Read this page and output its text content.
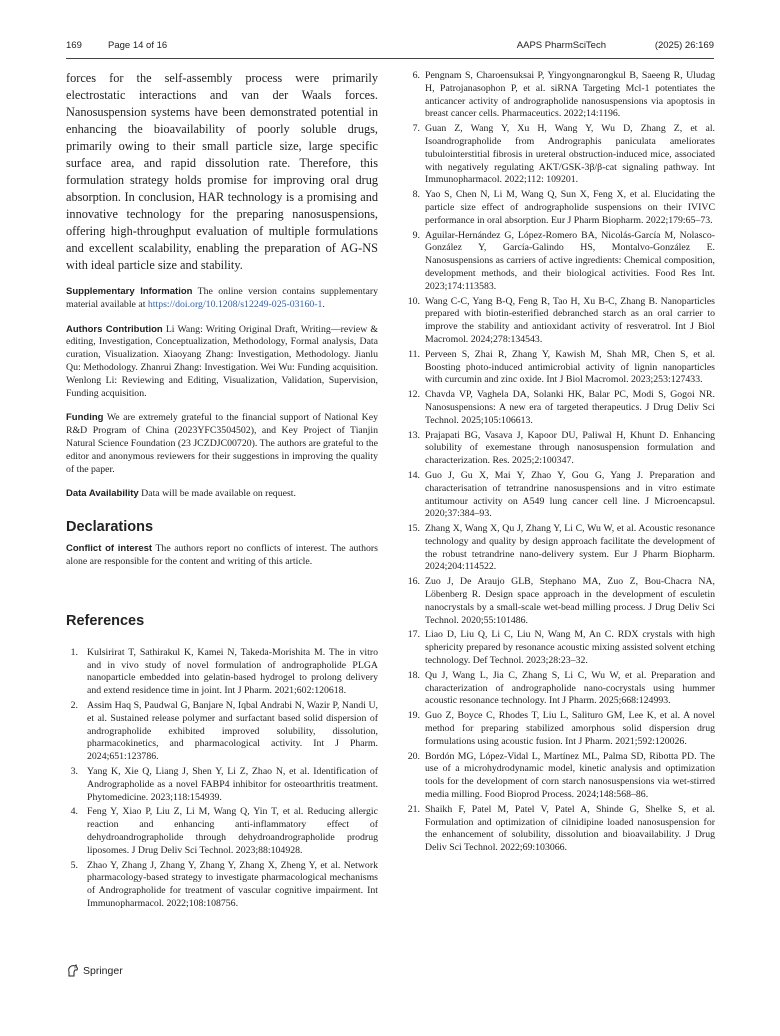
169	Page 14 of 16	AAPS PharmSciTech	(2025) 26:169

forces for the self-assembly process were primarily electrostatic interactions and van der Waals forces. Nanosuspension systems have been demonstrated potential in enhancing the bioavailability of poorly soluble drugs, primarily owing to their small particle size, large specific surface area, and rapid dissolution rate. Therefore, this formulation strategy holds promise for improving oral drug absorption. In conclusion, HAR technology is a promising and innovative technology for the preparing nanosuspensions, offering high-throughput evaluation of multiple formulations and excellent scalability, enabling the preparation of AG-NS with ideal particle size and stability.

Supplementary Information The online version contains supplementary material available at https://doi.org/10.1208/s12249-025-03160-1.

Authors Contribution Li Wang: Writing Original Draft, Writing—review & editing, Investigation, Conceptualization, Methodology, Formal analysis, Data curation, Visualization. Xiaoyang Zhang: Investigation, Methodology. Jianlu Qu: Methodology. Zhanrui Zhang: Investigation. Wei Wu: Funding acquisition. Wenlong Li: Reviewing and Editing, Visualization, Validation, Supervision, Funding acquisition.

Funding We are extremely grateful to the financial support of National Key R&D Program of China (2023YFC3504502), and Key Project of Tianjin Natural Science Foundation (23 JCZDJC00720). The authors are grateful to the editor and anonymous reviewers for their suggestions in improving the quality of the paper.

Data Availability Data will be made available on request.

Declarations

Conflict of interest The authors report no conflicts of interest. The authors alone are responsible for the content and writing of this article.

References
1. Kulsirirat T, Sathirakul K, Kamei N, Takeda-Morishita M. The in vitro and in vivo study of novel formulation of andrographolide PLGA nanoparticle embedded into gelatin-based hydrogel to prolong delivery and extend residence time in joint. Int J Pharm. 2021;602:120618.
2. Assim Haq S, Paudwal G, Banjare N, Iqbal Andrabi N, Wazir P, Nandi U, et al. Sustained release polymer and surfactant based solid dispersion of andrographolide exhibited improved solubility, dissolution, pharmacokinetics, and pharmacological activity. Int J Pharm. 2024;651:123786.
3. Yang K, Xie Q, Liang J, Shen Y, Li Z, Zhao N, et al. Identification of Andrographolide as a novel FABP4 inhibitor for osteoarthritis treatment. Phytomedicine. 2023;118:154939.
4. Feng Y, Xiao P, Liu Z, Li M, Wang Q, Yin T, et al. Reducing allergic reaction and enhancing anti-inflammatory effect of dehydroandrographolide through dehydroandrographolide prodrug liposomes. J Drug Deliv Sci Technol. 2023;88:104928.
5. Zhao Y, Zhang J, Zhang Y, Zhang Y, Zhang X, Zheng Y, et al. Network pharmacology-based strategy to investigate pharmacological mechanisms of Andrographolide for treatment of vascular cognitive impairment. Int Immunopharmacol. 2022;108:108756.
6. Pengnam S, Charoensuksai P, Yingyongnarongkul B, Saeeng R, Uludag H, Patrojanasophon P, et al. siRNA Targeting Mcl-1 potentiates the anticancer activity of andrographolide nanosuspensions via apoptosis in breast cancer cells. Pharmaceutics. 2022;14:1196.
7. Guan Z, Wang Y, Xu H, Wang Y, Wu D, Zhang Z, et al. Isoandrographolide from Andrographis paniculata ameliorates tubulointerstitial fibrosis in ureteral obstruction-induced mice, associated with negatively regulating AKT/GSK-3β/β-cat signaling pathway. Int Immunopharmacol. 2022;112: 109201.
8. Yao S, Chen N, Li M, Wang Q, Sun X, Feng X, et al. Elucidating the particle size effect of andrographolide suspensions on their IVIVC performance in oral absorption. Eur J Pharm Biopharm. 2022;179:65–73.
9. Aguilar-Hernández G, López-Romero BA, Nicolás-García M, Nolasco-González Y, García-Galindo HS, Montalvo-González E. Nanosuspensions as carriers of active ingredients: Chemical composition, development methods, and their biological activities. Food Res Int. 2023;174:113583.
10. Wang C-C, Yang B-Q, Feng R, Tao H, Xu B-C, Zhang B. Nanoparticles prepared with biotin-esterified debranched starch as an oral carrier to improve the stability and antioxidant activity of resveratrol. Int J Biol Macromol. 2024;278:134543.
11. Perveen S, Zhai R, Zhang Y, Kawish M, Shah MR, Chen S, et al. Boosting photo-induced antimicrobial activity of lignin nanoparticles with curcumin and zinc oxide. Int J Biol Macromol. 2023;253:127433.
12. Chavda VP, Vaghela DA, Solanki HK, Balar PC, Modi S, Gogoi NR. Nanosuspensions: A new era of targeted therapeutics. J Drug Deliv Sci Technol. 2025;105:106613.
13. Prajapati BG, Vasava J, Kapoor DU, Paliwal H, Khunt D. Enhancing solubility of exemestane through nanosuspension formulation and characterization. Res. 2025;2:100347.
14. Guo J, Gu X, Mai Y, Zhao Y, Gou G, Yang J. Preparation and characterisation of tetrandrine nanosuspensions and in vitro estimate antitumour activity on A549 lung cancer cell line. J Microencapsul. 2020;37:384–93.
15. Zhang X, Wang X, Qu J, Zhang Y, Li C, Wu W, et al. Acoustic resonance technology and quality by design approach facilitate the development of the robust tetrandrine nano-delivery system. Eur J Pharm Biopharm. 2024;204:114522.
16. Zuo J, De Araujo GLB, Stephano MA, Zuo Z, Bou-Chacra NA, Löbenberg R. Design space approach in the development of esculetin nanocrystals by a small-scale wet-bead milling process. J Drug Deliv Sci Technol. 2020;55:101486.
17. Liao D, Liu Q, Li C, Liu N, Wang M, An C. RDX crystals with high sphericity prepared by resonance acoustic mixing assisted solvent etching technology. Def Technol. 2023;28:23–32.
18. Qu J, Wang L, Jia C, Zhang S, Li C, Wu W, et al. Preparation and characterization of andrographolide nano-cocrystals using hummer acoustic resonance technology. Int J Pharm. 2025;668:124993.
19. Guo Z, Boyce C, Rhodes T, Liu L, Salituro GM, Lee K, et al. A novel method for preparing stabilized amorphous solid dispersion drug formulations using acoustic fusion. Int J Pharm. 2021;592:120026.
20. Bordón MG, López-Vidal L, Martínez ML, Palma SD, Ribotta PD. The use of a microhydrodynamic model, kinetic analysis and optimization tools for the development of corn starch nanosuspensions via wet-stirred media milling. Food Bioprod Process. 2024;148:568–86.
21. Shaikh F, Patel M, Patel V, Patel A, Shinde G, Shelke S, et al. Formulation and optimization of cilnidipine loaded nanosuspension for the enhancement of solubility, dissolution and bioavailability. J Drug Deliv Sci Technol. 2022;69:103066.
Springer
